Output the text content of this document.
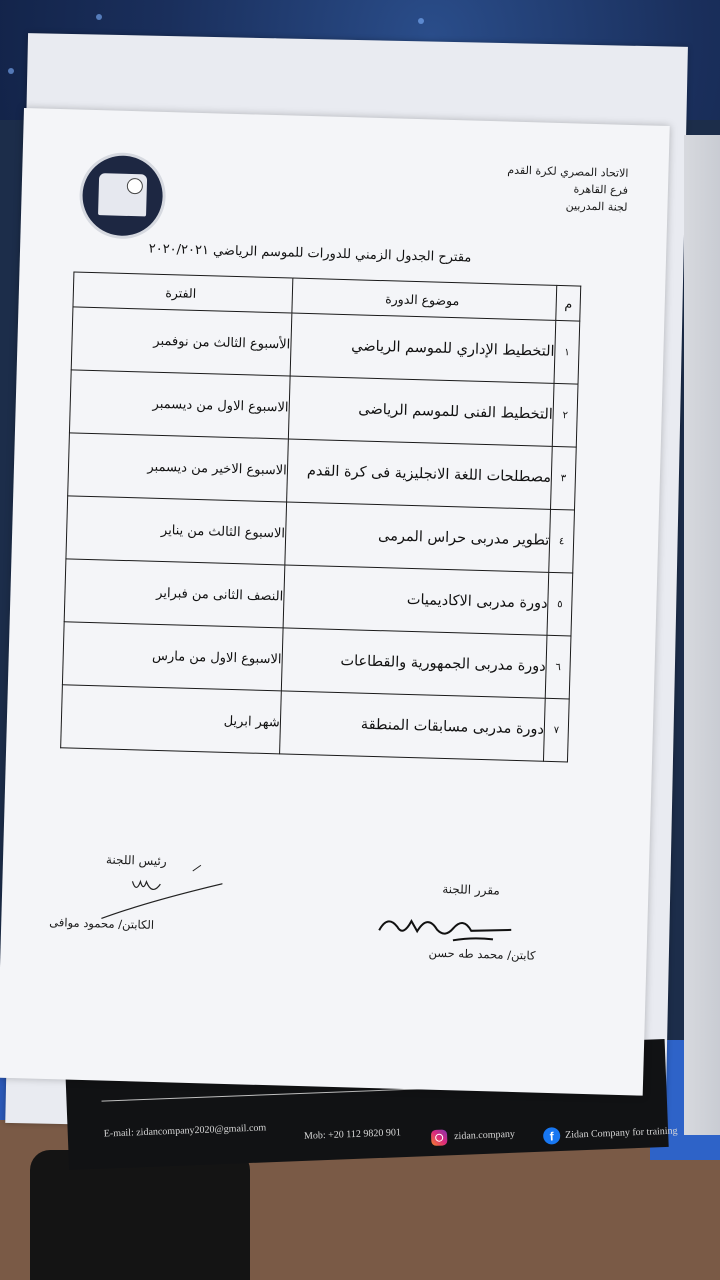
E-mail: zidancompany2020@gmail.com	Mob: +20 112 9820 901	zidan.company	f	Zidan Company for training
الاتحاد المصري لكرة القدم
فرع القاهرة
لجنة المدربين
مقترح الجدول الزمني للدورات للموسم الرياضي ٢٠٢٠/٢٠٢١
م	موضوع الدورة	الفترة
١	التخطيط الإداري للموسم الرياضي	الأسبوع الثالث من نوفمبر
٢	التخطيط الفنى للموسم الرياضى	الاسبوع الاول من ديسمبر
٣	مصطلحات اللغة الانجليزية فى كرة القدم	الاسبوع الاخير من ديسمبر
٤	تطوير مدربى حراس المرمى	الاسبوع الثالث من يناير
٥	دورة مدربى الاكاديميات	النصف الثانى من فبراير
٦	دورة مدربى الجمهورية والقطاعات	الاسبوع الاول من مارس
٧	دورة مدربى مسابقات المنطقة	شهر ابريل
رئيس اللجنة
الكابتن/ محمود موافى
مقرر اللجنة
كابتن/ محمد طه حسن
